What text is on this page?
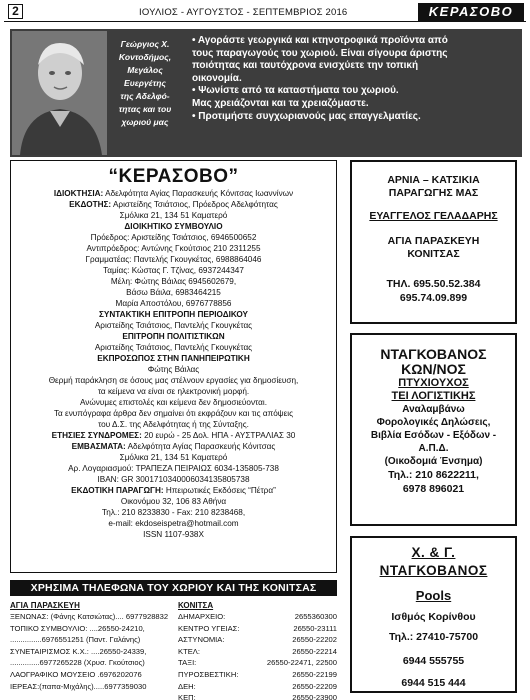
2	ΙΟΥΛΙΟΣ - ΑΥΓΟΥΣΤΟΣ - ΣΕΠΤΕΜΒΡΙΟΣ 2016	ΚΕΡΑΣΟΒΟ
Γεώργιος Χ.
Κοντοδήμος,
Μεγάλος
Ευεργέτης
της Αδελφό-
τητας και του
χωριού μας

• Αγοράστε γεωργικά και κτηνοτροφικά προϊόντα από

τους παραγωγούς του χωριού. Είναι σίγουρα άριστης

ποιότητας και ταυτόχρονα ενισχύετε την τοπική

οικονομία.

• Ψωνίστε από τα καταστήματα του χωριού.

Μας χρειάζονται και τα χρειαζόμαστε.

• Προτιμήστε συγχωριανούς μας επαγγελματίες.

“ΚΕΡΑΣΟΒΟ”
ΙΔΙΟΚΤΗΣΙΑ: Αδελφότητα Αγίας Παρασκευής Κόνιτσας Ιωαννίνων
ΕΚΔΟΤΗΣ: Αριστείδης Τσιάτσιος, Πρόεδρος Αδελφότητας
Σμόλικα 21, 134 51 Καματερό
ΔΙΟΙΚΗΤΙΚΟ ΣΥΜΒΟΥΛΙΟ
Πρόεδρος: Αριστείδης Τσιάτσιος, 6946500652
Αντιπρόεδρος: Αντώνης Γκούτσιος 210 2311255
Γραμματέας: Παντελής Γκουγκέτας, 6988864046
Ταμίας: Κώστας Γ. Τζίνας, 6937244347
Μέλη: Φώτης Βάιλας 6945602679,
Βάσω Βάιλα, 6983464215
Μαρία Αποστόλου, 6976778856
ΣΥΝΤΑΚΤΙΚΗ ΕΠΙΤΡΟΠΗ ΠΕΡΙΟΔΙΚΟΥ
Αριστείδης Τσιάτσιος, Παντελής Γκουγκέτας
ΕΠΙΤΡΟΠΗ ΠΟΛΙΤΙΣΤΙΚΩΝ
Αριστείδης Τσιάτσιος, Παντελής Γκουγκέτας
ΕΚΠΡΟΣΩΠΟΣ ΣΤΗΝ ΠΑΝΗΠΕΙΡΩΤΙΚΗ
Φώτης Βάιλας
Θερμή παράκληση σε όσους μας στέλνουν εργασίες για δημοσίευση,
τα κείμενα να είναι σε ηλεκτρονική μορφή.
Ανώνυμες επιστολές και κείμενα δεν δημοσιεύονται.
Τα ενυπόγραφα άρθρα δεν σημαίνει ότι εκφράζουν και τις απόψεις
του Δ.Σ. της Αδελφότητας ή της Σύνταξης.
ΕΤΗΣΙΕΣ ΣΥΝΔΡΟΜΕΣ: 20 ευρώ - 25 Δολ. ΗΠΑ - ΑΥΣΤΡΑΛΙΑΣ 30
ΕΜΒΑΣΜΑΤΑ: Αδελφότητα Αγίας Παρασκευής Κόνιτσας
Σμόλικα 21, 134 51 Καματερό
Αρ. Λογαριασμού: ΤΡΑΠΕΖΑ ΠΕΙΡΑΙΩΣ 6034-135805-738
IBAN: GR 3001710340006034135805738
ΕΚΔΟΤΙΚΗ ΠΑΡΑΓΩΓΗ: Ηπειρωτικές Εκδόσεις “Πέτρα”
Οικονόμου 32, 106 83 Αθήνα
Τηλ.: 210 8233830 - Fax: 210 8238468,
e-mail: ekdoseispetra@hotmail.com
ISSN 1107-938X
ΑΡΝΙΑ – ΚΑΤΣΙΚΙΑ
ΠΑΡΑΓΩΓΗΣ ΜΑΣ
ΕΥΑΓΓΕΛΟΣ ΓΕΛΑΔΑΡΗΣ
ΑΓΙΑ ΠΑΡΑΣΚΕΥΗ
ΚΟΝΙΤΣΑΣ
ΤΗΛ. 695.50.52.384
695.74.09.899
ΝΤΑΓΚΟΒΑΝΟΣ
ΚΩΝ/ΝΟΣ
ΠΤΥΧΙΟΥΧΟΣ
ΤΕΙ ΛΟΓΙΣΤΙΚΗΣ
Αναλαμβάνω
Φορολογικές Δηλώσεις,
Βιβλία Εσόδων - Εξόδων -
Α.Π.Δ.
(Οικοδομιά Ένσημα)
Τηλ.: 210 8622211,
6978 896021
Χ. & Γ.
ΝΤΑΓΚΟΒΑΝΟΣ
Pools
Ισθμός Κορίνθου
Τηλ.: 27410-75700
6944 555755
6944 515 444
ΧΡΗΣΙΜΑ ΤΗΛΕΦΩΝΑ ΤΟΥ ΧΩΡΙΟΥ ΚΑΙ ΤΗΣ ΚΟΝΙΤΣΑΣ
ΑΓΙΑ ΠΑΡΑΣΚΕΥΗ
ΞΕΝΩΝΑΣ: (Φάνης Κατσιώτας).... 6977928832
ΤΟΠΙΚΟ ΣΥΜΒΟΥΛΙΟ: ....26550-24210,
...............6976551251 (Παντ. Γαλάνης)
ΣΥΝΕΤΑΙΡΙΣΜΟΣ Κ.Χ.: ....26550-24339,
..............6977265228 (Χρυσ. Γκούτσιος)
ΛΑΟΓΡΑΦΙΚΟ ΜΟΥΣΕΙΟ .6976202076
ΙΕΡΕΑΣ:(παπα-Μιχάλης).....6977359030
ΚΟΝΙΤΣΑ
ΔΗΜΑΡΧΕΙΟ:	2655360300
ΚΕΝΤΡΟ ΥΓΕΙΑΣ:	26550-23111
ΑΣΤΥΝΟΜΙΑ:	26550-22202
ΚΤΕΛ:	26550-22214
ΤΑΞΙ:	26550-22471, 22500
ΠΥΡΟΣΒΕΣΤΙΚΗ:	26550-22199
ΔΕΗ:	26550-22209
ΚΕΠ:	26550-23900
